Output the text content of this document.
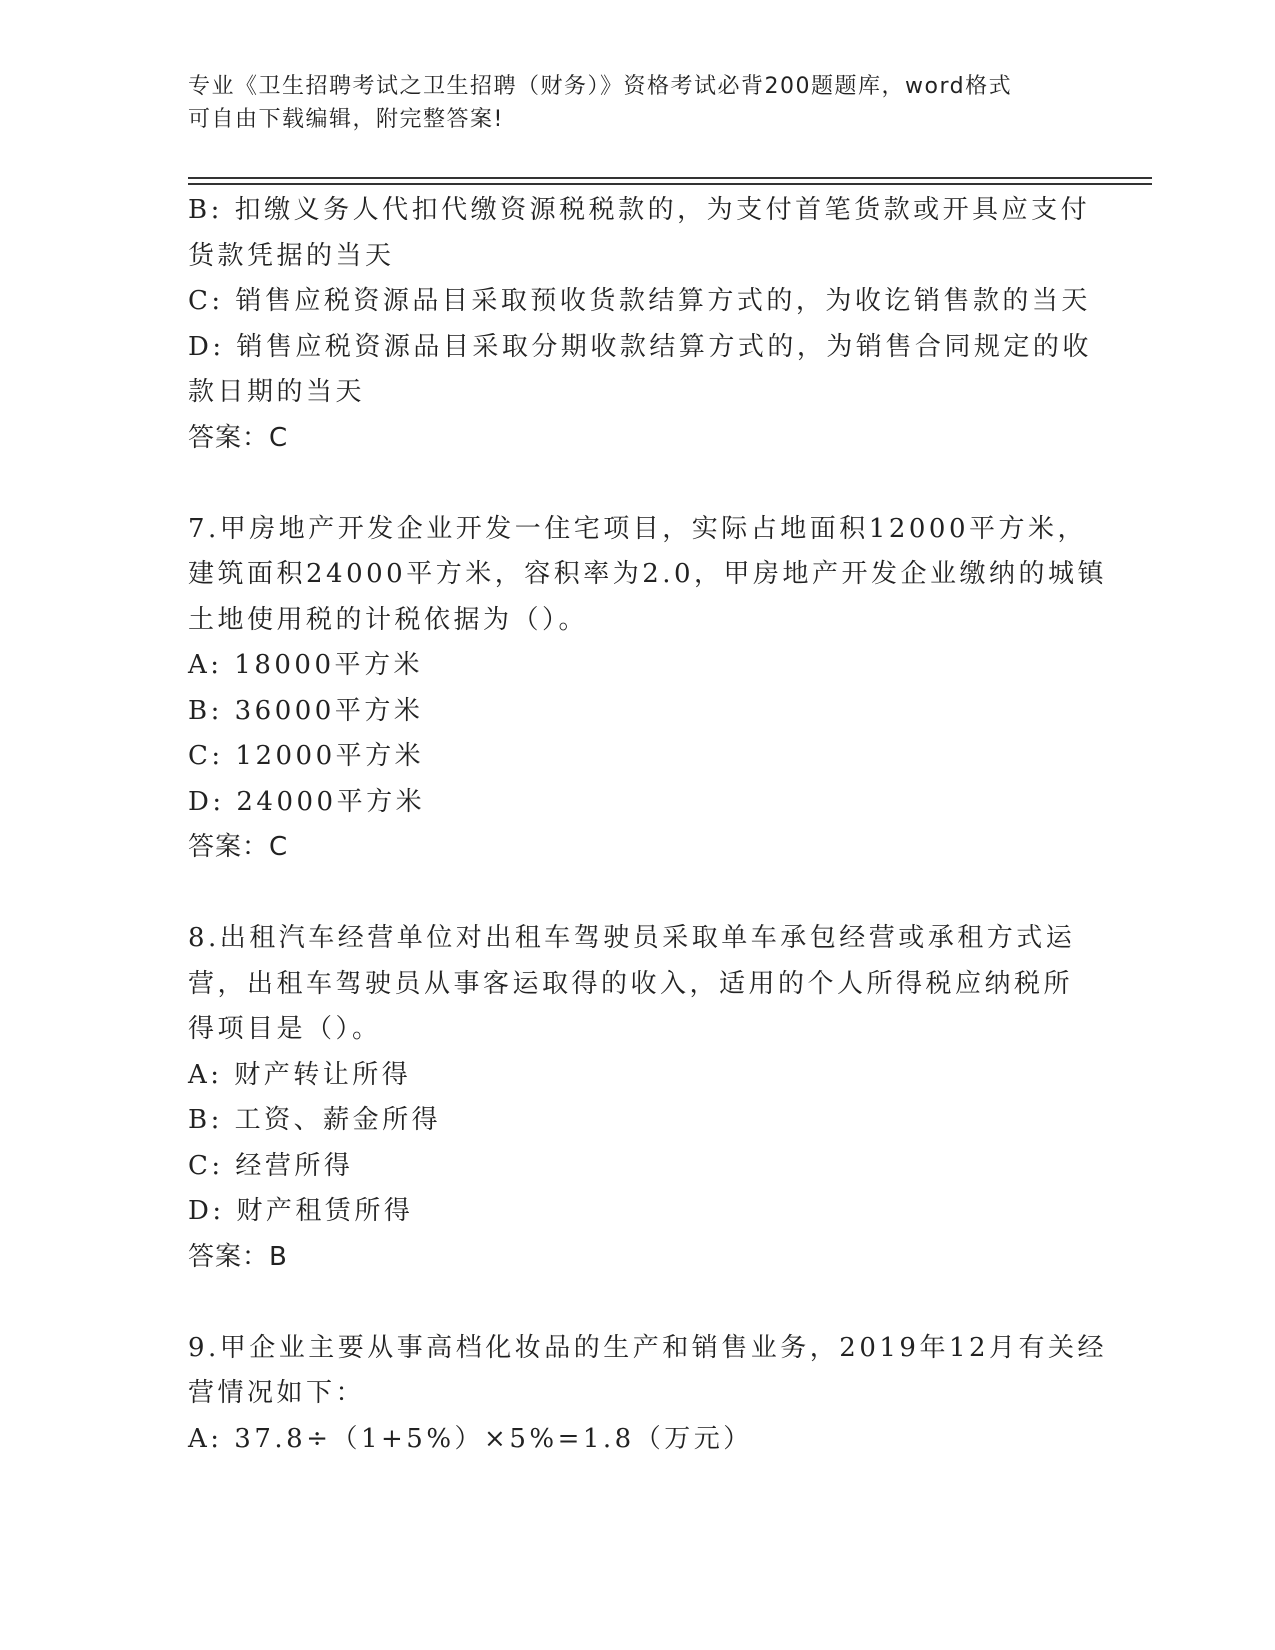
专业《卫生招聘考试之卫生招聘（财务）》资格考试必背200题题库，word格式
可自由下载编辑，附完整答案!

B: 扣缴义务人代扣代缴资源税税款的，为支付首笔货款或开具应支付

货款凭据的当天

C: 销售应税资源品目采取预收货款结算方式的，为收讫销售款的当天

D: 销售应税资源品目采取分期收款结算方式的，为销售合同规定的收

款日期的当天

答案：C

7.甲房地产开发企业开发一住宅项目，实际占地面积12000平方米，

建筑面积24000平方米，容积率为2.0，甲房地产开发企业缴纳的城镇

土地使用税的计税依据为（）。

A: 18000平方米

B: 36000平方米

C: 12000平方米

D: 24000平方米

答案：C

8.出租汽车经营单位对出租车驾驶员采取单车承包经营或承租方式运

营，出租车驾驶员从事客运取得的收入，适用的个人所得税应纳税所

得项目是（）。

A: 财产转让所得

B: 工资、薪金所得

C: 经营所得

D: 财产租赁所得

答案：B

9.甲企业主要从事高档化妆品的生产和销售业务，2019年12月有关经

营情况如下：

A: 37.8÷（1+5%）×5%=1.8（万元）
